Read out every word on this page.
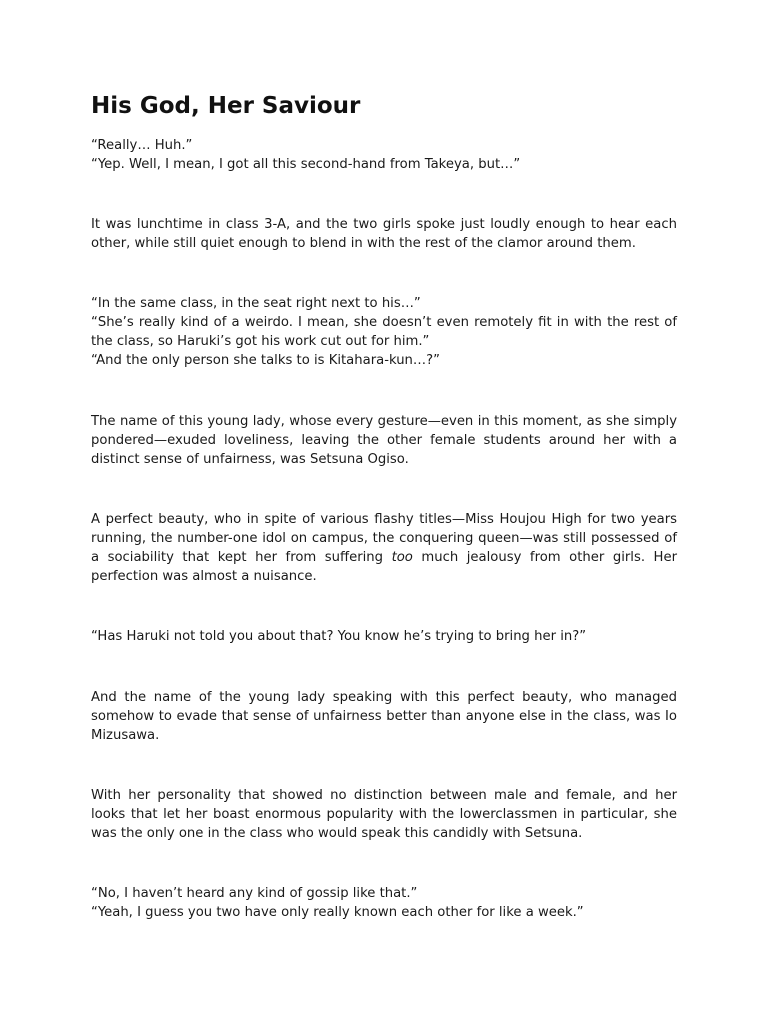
His God, Her Saviour

“Really… Huh.”
“Yep. Well, I mean, I got all this second-hand from Takeya, but…”

It was lunchtime in class 3-A, and the two girls spoke just loudly enough to hear each other, while still quiet enough to blend in with the rest of the clamor around them.

“In the same class, in the seat right next to his…”
“She’s really kind of a weirdo. I mean, she doesn’t even remotely fit in with the rest of the class, so Haruki’s got his work cut out for him.”
“And the only person she talks to is Kitahara-kun…?”

The name of this young lady, whose every gesture—even in this moment, as she simply pondered—exuded loveliness, leaving the other female students around her with a distinct sense of unfairness, was Setsuna Ogiso.

A perfect beauty, who in spite of various flashy titles—Miss Houjou High for two years running, the number-one idol on campus, the conquering queen—was still possessed of a sociability that kept her from suffering too much jealousy from other girls. Her perfection was almost a nuisance.

“Has Haruki not told you about that? You know he’s trying to bring her in?”

And the name of the young lady speaking with this perfect beauty, who managed somehow to evade that sense of unfairness better than anyone else in the class, was Io Mizusawa.

With her personality that showed no distinction between male and female, and her looks that let her boast enormous popularity with the lowerclassmen in particular, she was the only one in the class who would speak this candidly with Setsuna.

“No, I haven’t heard any kind of gossip like that.”
“Yeah, I guess you two have only really known each other for like a week.”
